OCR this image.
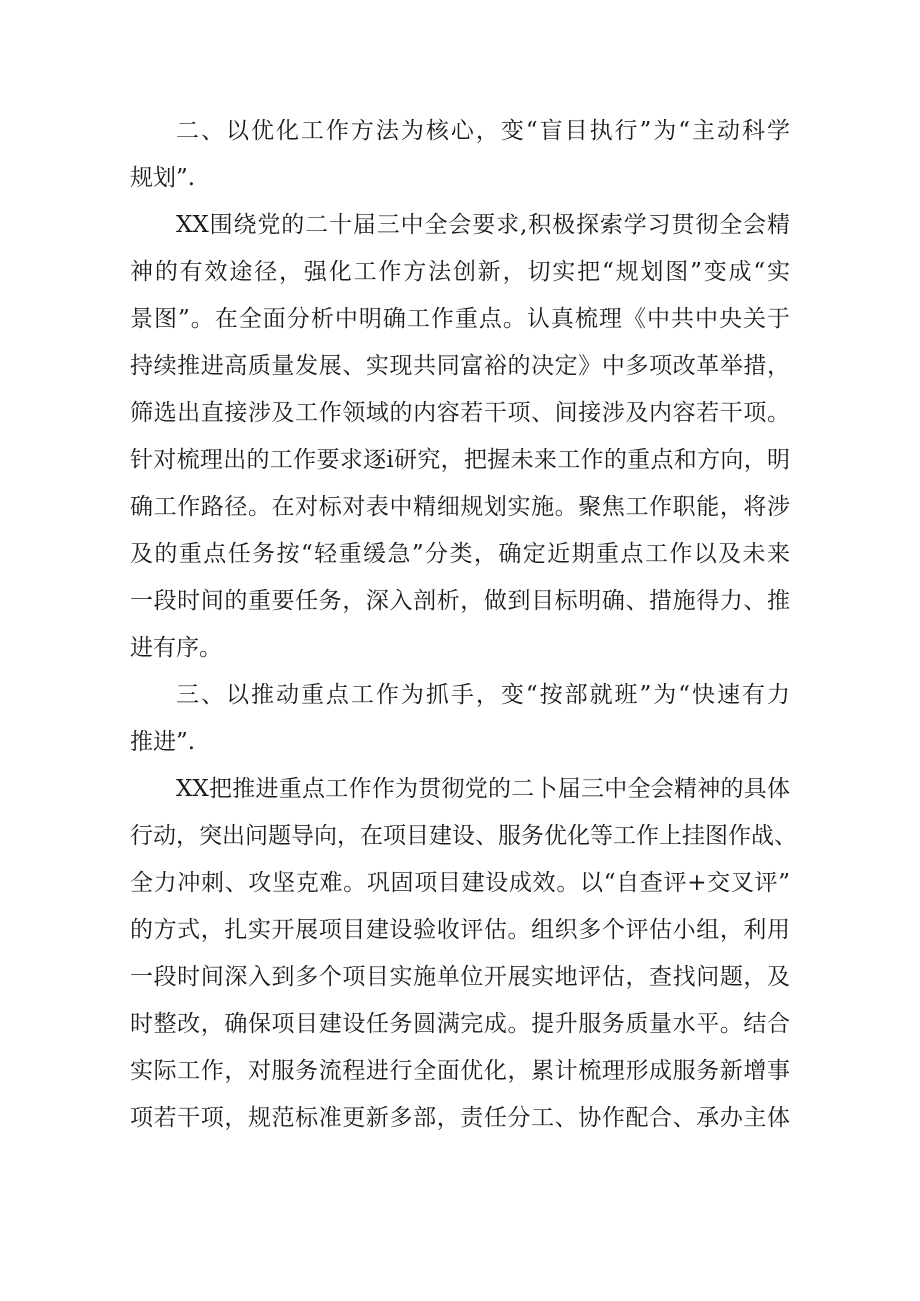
二、以优化工作方法为核心，变“盲目执行”为“主动科学
规划”.
XX围绕党的二十届三中全会要求,积极探索学习贯彻全会精
神的有效途径，强化工作方法创新，切实把“规划图”变成“实
景图”。在全面分析中明确工作重点。认真梳理《中共中央关于
持续推进高质量发展、实现共同富裕的决定》中多项改革举措，
筛选出直接涉及工作领域的内容若干项、间接涉及内容若干项。
针对梳理出的工作要求逐i研究，把握未来工作的重点和方向，明
确工作路径。在对标对表中精细规划实施。聚焦工作职能，将涉
及的重点任务按“轻重缓急”分类，确定近期重点工作以及未来
一段时间的重要任务，深入剖析，做到目标明确、措施得力、推
进有序。
三、以推动重点工作为抓手，变“按部就班”为“快速有力
推进”.
XX把推进重点工作作为贯彻党的二卜届三中全会精神的具体
行动，突出问题导向，在项目建设、服务优化等工作上挂图作战、
全力冲刺、攻坚克难。巩固项目建设成效。以“自查评+交叉评”
的方式，扎实开展项目建设验收评估。组织多个评估小组，利用
一段时间深入到多个项目实施单位开展实地评估，查找问题，及
时整改，确保项目建设任务圆满完成。提升服务质量水平。结合
实际工作，对服务流程进行全面优化，累计梳理形成服务新增事
项若干项，规范标准更新多部，责任分工、协作配合、承办主体
